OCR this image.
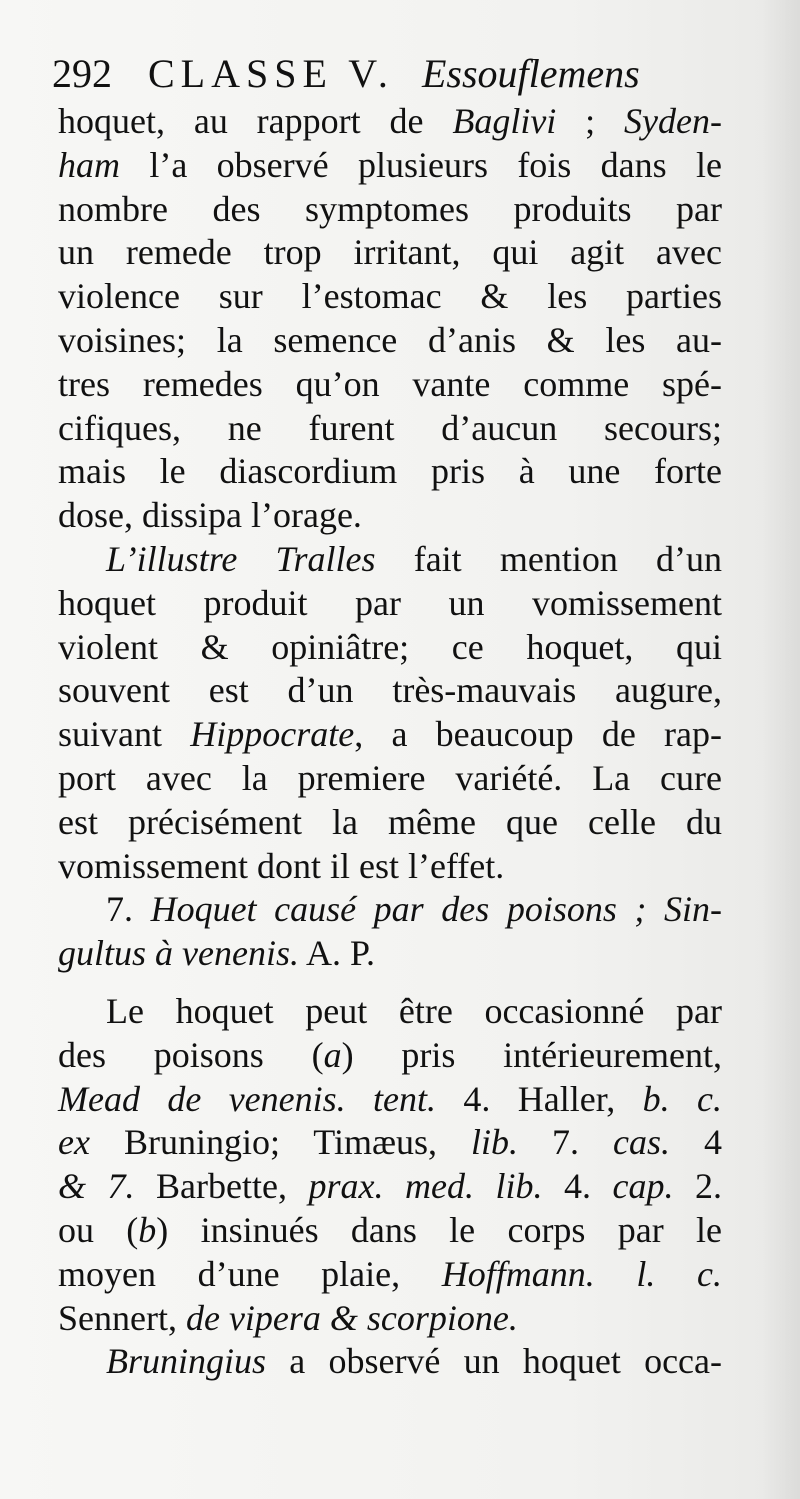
292 CLASSE V. Essouflemens
hoquet, au rapport de Baglivi ; Syden-
ham l’a observé plusieurs fois dans le
nombre des symptomes produits par
un remede trop irritant, qui agit avec
violence sur l’estomac & les parties
voisines; la semence d’anis & les au-
tres remedes qu’on vante comme spé-
cifiques, ne furent d’aucun secours;
mais le diascordium pris à une forte
dose, dissipa l’orage.
L’illustre Tralles fait mention d’un
hoquet produit par un vomissement
violent & opiniâtre; ce hoquet, qui
souvent est d’un très-mauvais augure,
suivant Hippocrate, a beaucoup de rap-
port avec la premiere variété. La cure
est précisément la même que celle du
vomissement dont il est l’effet.
7. Hoquet causé par des poisons ; Sin-
gultus à venenis. A. P.
Le hoquet peut être occasionné par
des poisons (a) pris intérieurement,
Mead de venenis. tent. 4. Haller, b. c.
ex Bruningio; Timæus, lib. 7. cas. 4
& 7. Barbette, prax. med. lib. 4. cap. 2.
ou (b) insinués dans le corps par le
moyen d’une plaie, Hoffmann. l. c.
Sennert, de vipera & scorpione.
Bruningius a observé un hoquet occa-
